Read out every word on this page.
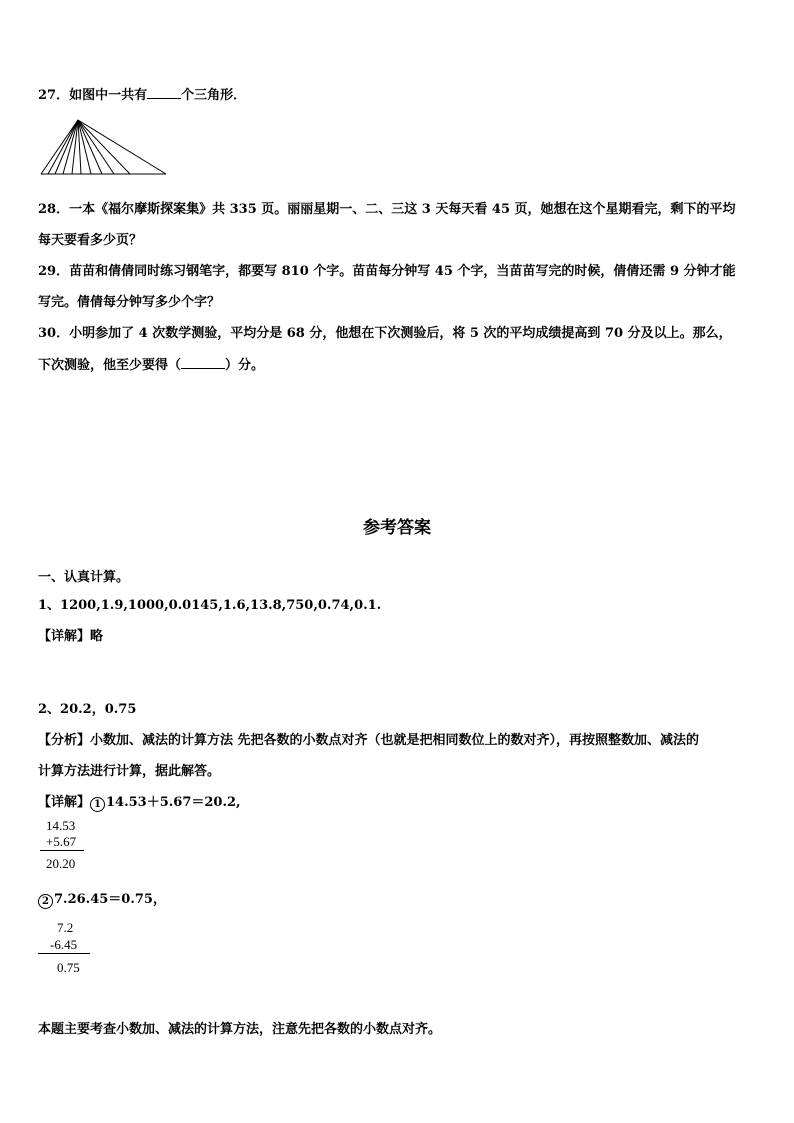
27．如图中一共有	个三角形．
28．一本《福尔摩斯探案集》共 335 页。丽丽星期一、二、三这 3 天每天看 45 页，她想在这个星期看完，剩下的平均
每天要看多少页？
29．苗苗和倩倩同时练习钢笔字，都要写 810 个字。苗苗每分钟写 45 个字，当苗苗写完的时候，倩倩还需 9 分钟才能
写完。倩倩每分钟写多少个字？
30．小明参加了 4 次数学测验，平均分是 68 分，他想在下次测验后，将 5 次的平均成绩提高到 70 分及以上。那么，
下次测验，他至少要得（	）分。
参考答案
一、认真计算。
1、1200,1.9,1000,0.0145,1.6,13.8,750,0.74,0.1.
【详解】略
2、20.2，0.75
【分析】小数加、减法的计算方法 先把各数的小数点对齐（也就是把相同数位上的数对齐），再按照整数加、减法的
计算方法进行计算，据此解答。
【详解】 1 14.53＋5.67＝20.2,
14.53
+5.67
20.20
2 7.26.45＝0.75，
7.2
-6.45
0.75
本题主要考查小数加、减法的计算方法，注意先把各数的小数点对齐。
